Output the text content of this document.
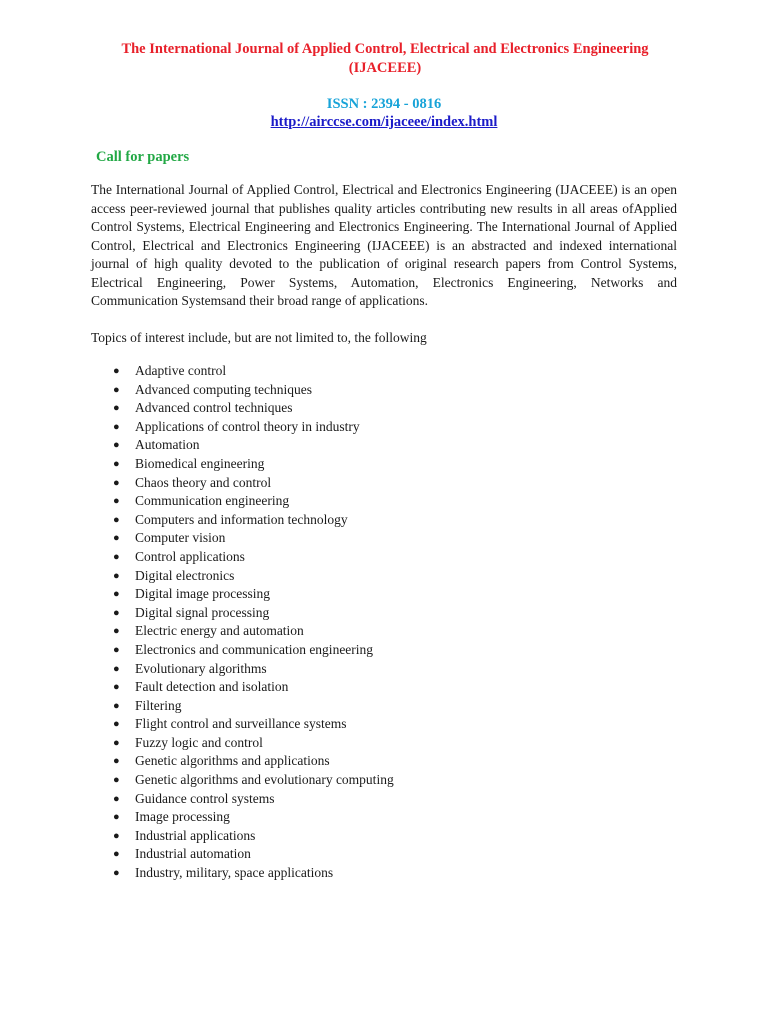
The International Journal of Applied Control, Electrical and Electronics Engineering
(IJACEEE)
ISSN : 2394 - 0816
http://airccse.com/ijaceee/index.html
Call for papers

The International Journal of Applied Control, Electrical and Electronics Engineering (IJACEEE) is an open access peer-reviewed journal that publishes quality articles contributing new results in all areas ofApplied Control Systems, Electrical Engineering and Electronics Engineering. The International Journal of Applied Control, Electrical and Electronics Engineering (IJACEEE) is an abstracted and indexed international journal of high quality devoted to the publication of original research papers from Control Systems, Electrical Engineering, Power Systems, Automation, Electronics Engineering, Networks and Communication Systemsand their broad range of applications.

Topics of interest include, but are not limited to, the following
● Adaptive control
● Advanced computing techniques
● Advanced control techniques
● Applications of control theory in industry
● Automation
● Biomedical engineering
● Chaos theory and control
● Communication engineering
● Computers and information technology
● Computer vision
● Control applications
● Digital electronics
● Digital image processing
● Digital signal processing
● Electric energy and automation
● Electronics and communication engineering
● Evolutionary algorithms
● Fault detection and isolation
● Filtering
● Flight control and surveillance systems
● Fuzzy logic and control
● Genetic algorithms and applications
● Genetic algorithms and evolutionary computing
● Guidance control systems
● Image processing
● Industrial applications
● Industrial automation
● Industry, military, space applications
